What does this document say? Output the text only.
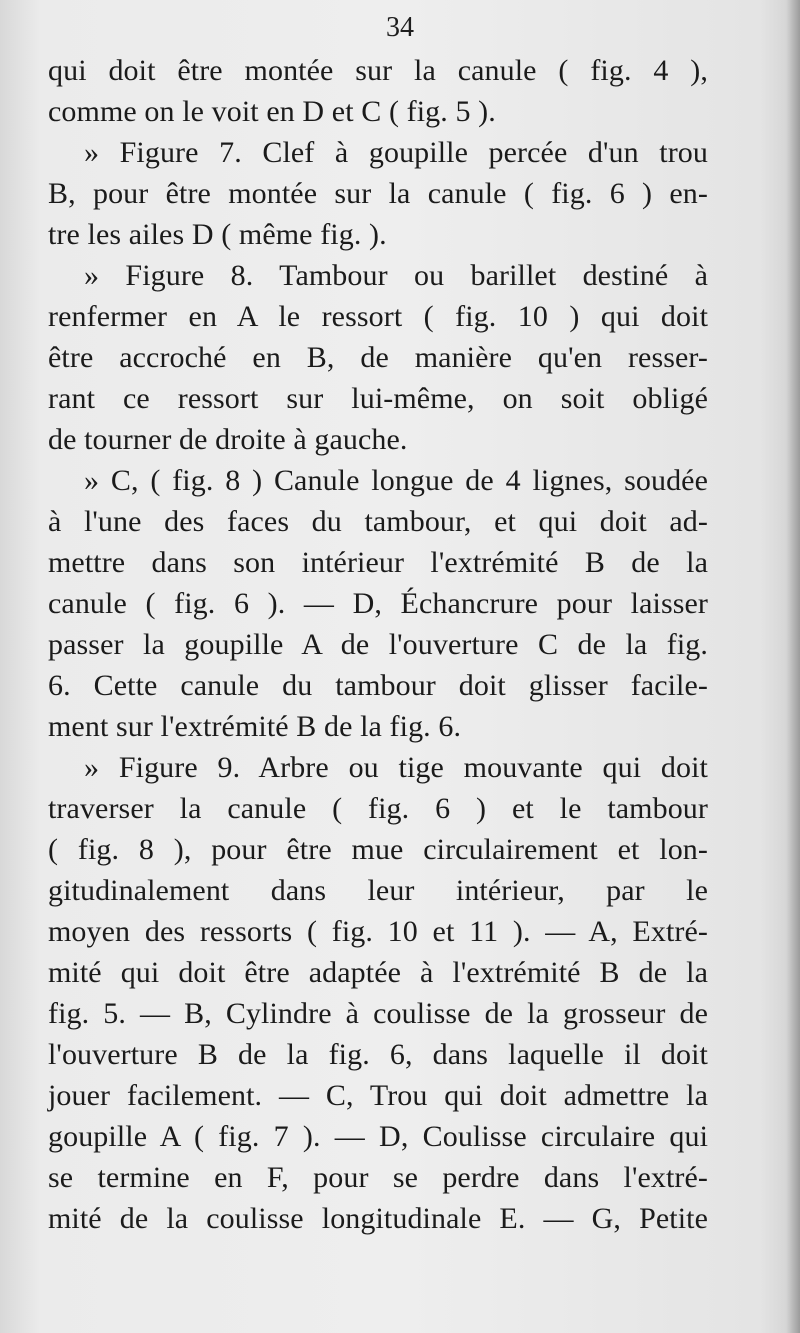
34
qui doit être montée sur la canule ( fig. 4 ),
comme on le voit en D et C ( fig. 5 ).
» Figure 7. Clef à goupille percée d'un trou
B, pour être montée sur la canule ( fig. 6 ) en-
tre les ailes D ( même fig. ).
» Figure 8. Tambour ou barillet destiné à
renfermer en A le ressort ( fig. 10 ) qui doit
être accroché en B, de manière qu'en resser-
rant ce ressort sur lui-même, on soit obligé
de tourner de droite à gauche.
» C, ( fig. 8 ) Canule longue de 4 lignes, soudée
à l'une des faces du tambour, et qui doit ad-
mettre dans son intérieur l'extrémité B de la
canule ( fig. 6 ). — D, Échancrure pour laisser
passer la goupille A de l'ouverture C de la fig.
6. Cette canule du tambour doit glisser facile-
ment sur l'extrémité B de la fig. 6.
» Figure 9. Arbre ou tige mouvante qui doit
traverser la canule ( fig. 6 ) et le tambour
( fig. 8 ), pour être mue circulairement et lon-
gitudinalement dans leur intérieur, par le
moyen des ressorts ( fig. 10 et 11 ). — A, Extré-
mité qui doit être adaptée à l'extrémité B de la
fig. 5. — B, Cylindre à coulisse de la grosseur de
l'ouverture B de la fig. 6, dans laquelle il doit
jouer facilement. — C, Trou qui doit admettre la
goupille A ( fig. 7 ). — D, Coulisse circulaire qui
se termine en F, pour se perdre dans l'extré-
mité de la coulisse longitudinale E. — G, Petite
